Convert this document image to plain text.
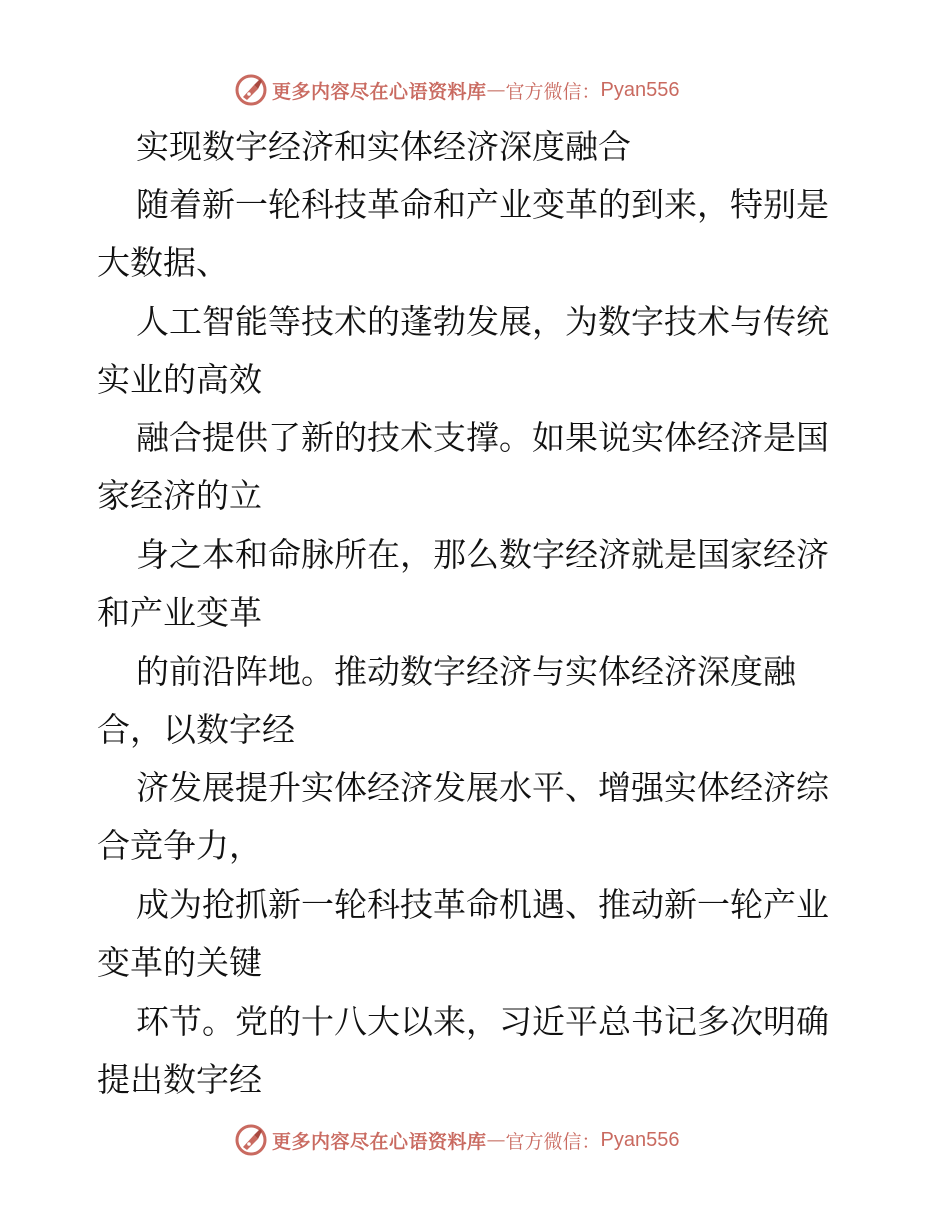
更多内容尽在心语资料库 — 官方微信： Pyan556
实现数字经济和实体经济深度融合
随着新一轮科技革命和产业变革的到来，特别是
大数据、
人工智能等技术的蓬勃发展，为数字技术与传统
实业的高效
融合提供了新的技术支撑。如果说实体经济是国
家经济的立
身之本和命脉所在，那么数字经济就是国家经济
和产业变革
的前沿阵地。推动数字经济与实体经济深度融
合，以数字经
济发展提升实体经济发展水平、增强实体经济综
合竞争力，
成为抢抓新一轮科技革命机遇、推动新一轮产业
变革的关键
环节。党的十八大以来，习近平总书记多次明确
提出数字经
更多内容尽在心语资料库 — 官方微信： Pyan556
